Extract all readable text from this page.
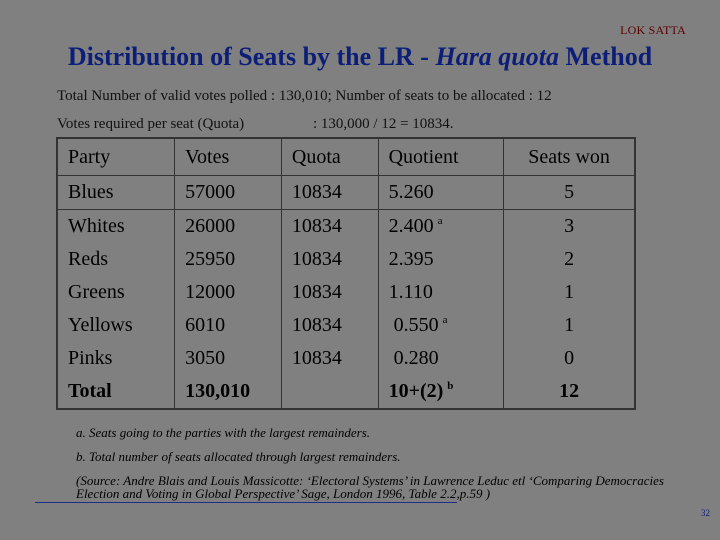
LOK SATTA
Distribution of Seats by the LR - Hara quota Method
Total Number of valid votes polled : 130,010; Number of seats to be allocated : 12
Votes required per seat (Quota)	: 130,000 / 12 = 10834.
Party	Votes	Quota	Quotient	Seats won
Blues	57000	10834	5.260	5
Whites	26000	10834	2.400 $^a$	3
Reds	25950	10834	2.395	2
Greens	12000	10834	1.110	1
Yellows	6010	10834	0.550 $^a$	1
Pinks	3050	10834	0.280	0
Total	130,010		10+(2) $^b$	12
a. Seats going to the parties with the largest remainders.
b. Total number of seats allocated through largest remainders.
(Source: Andre Blais and Louis Massicotte: ‘Electoral Systems’ in Lawrence Leduc etl ‘Comparing Democracies Election and Voting in Global Perspective’ Sage, London 1996, Table 2.2,p.59 )
32
